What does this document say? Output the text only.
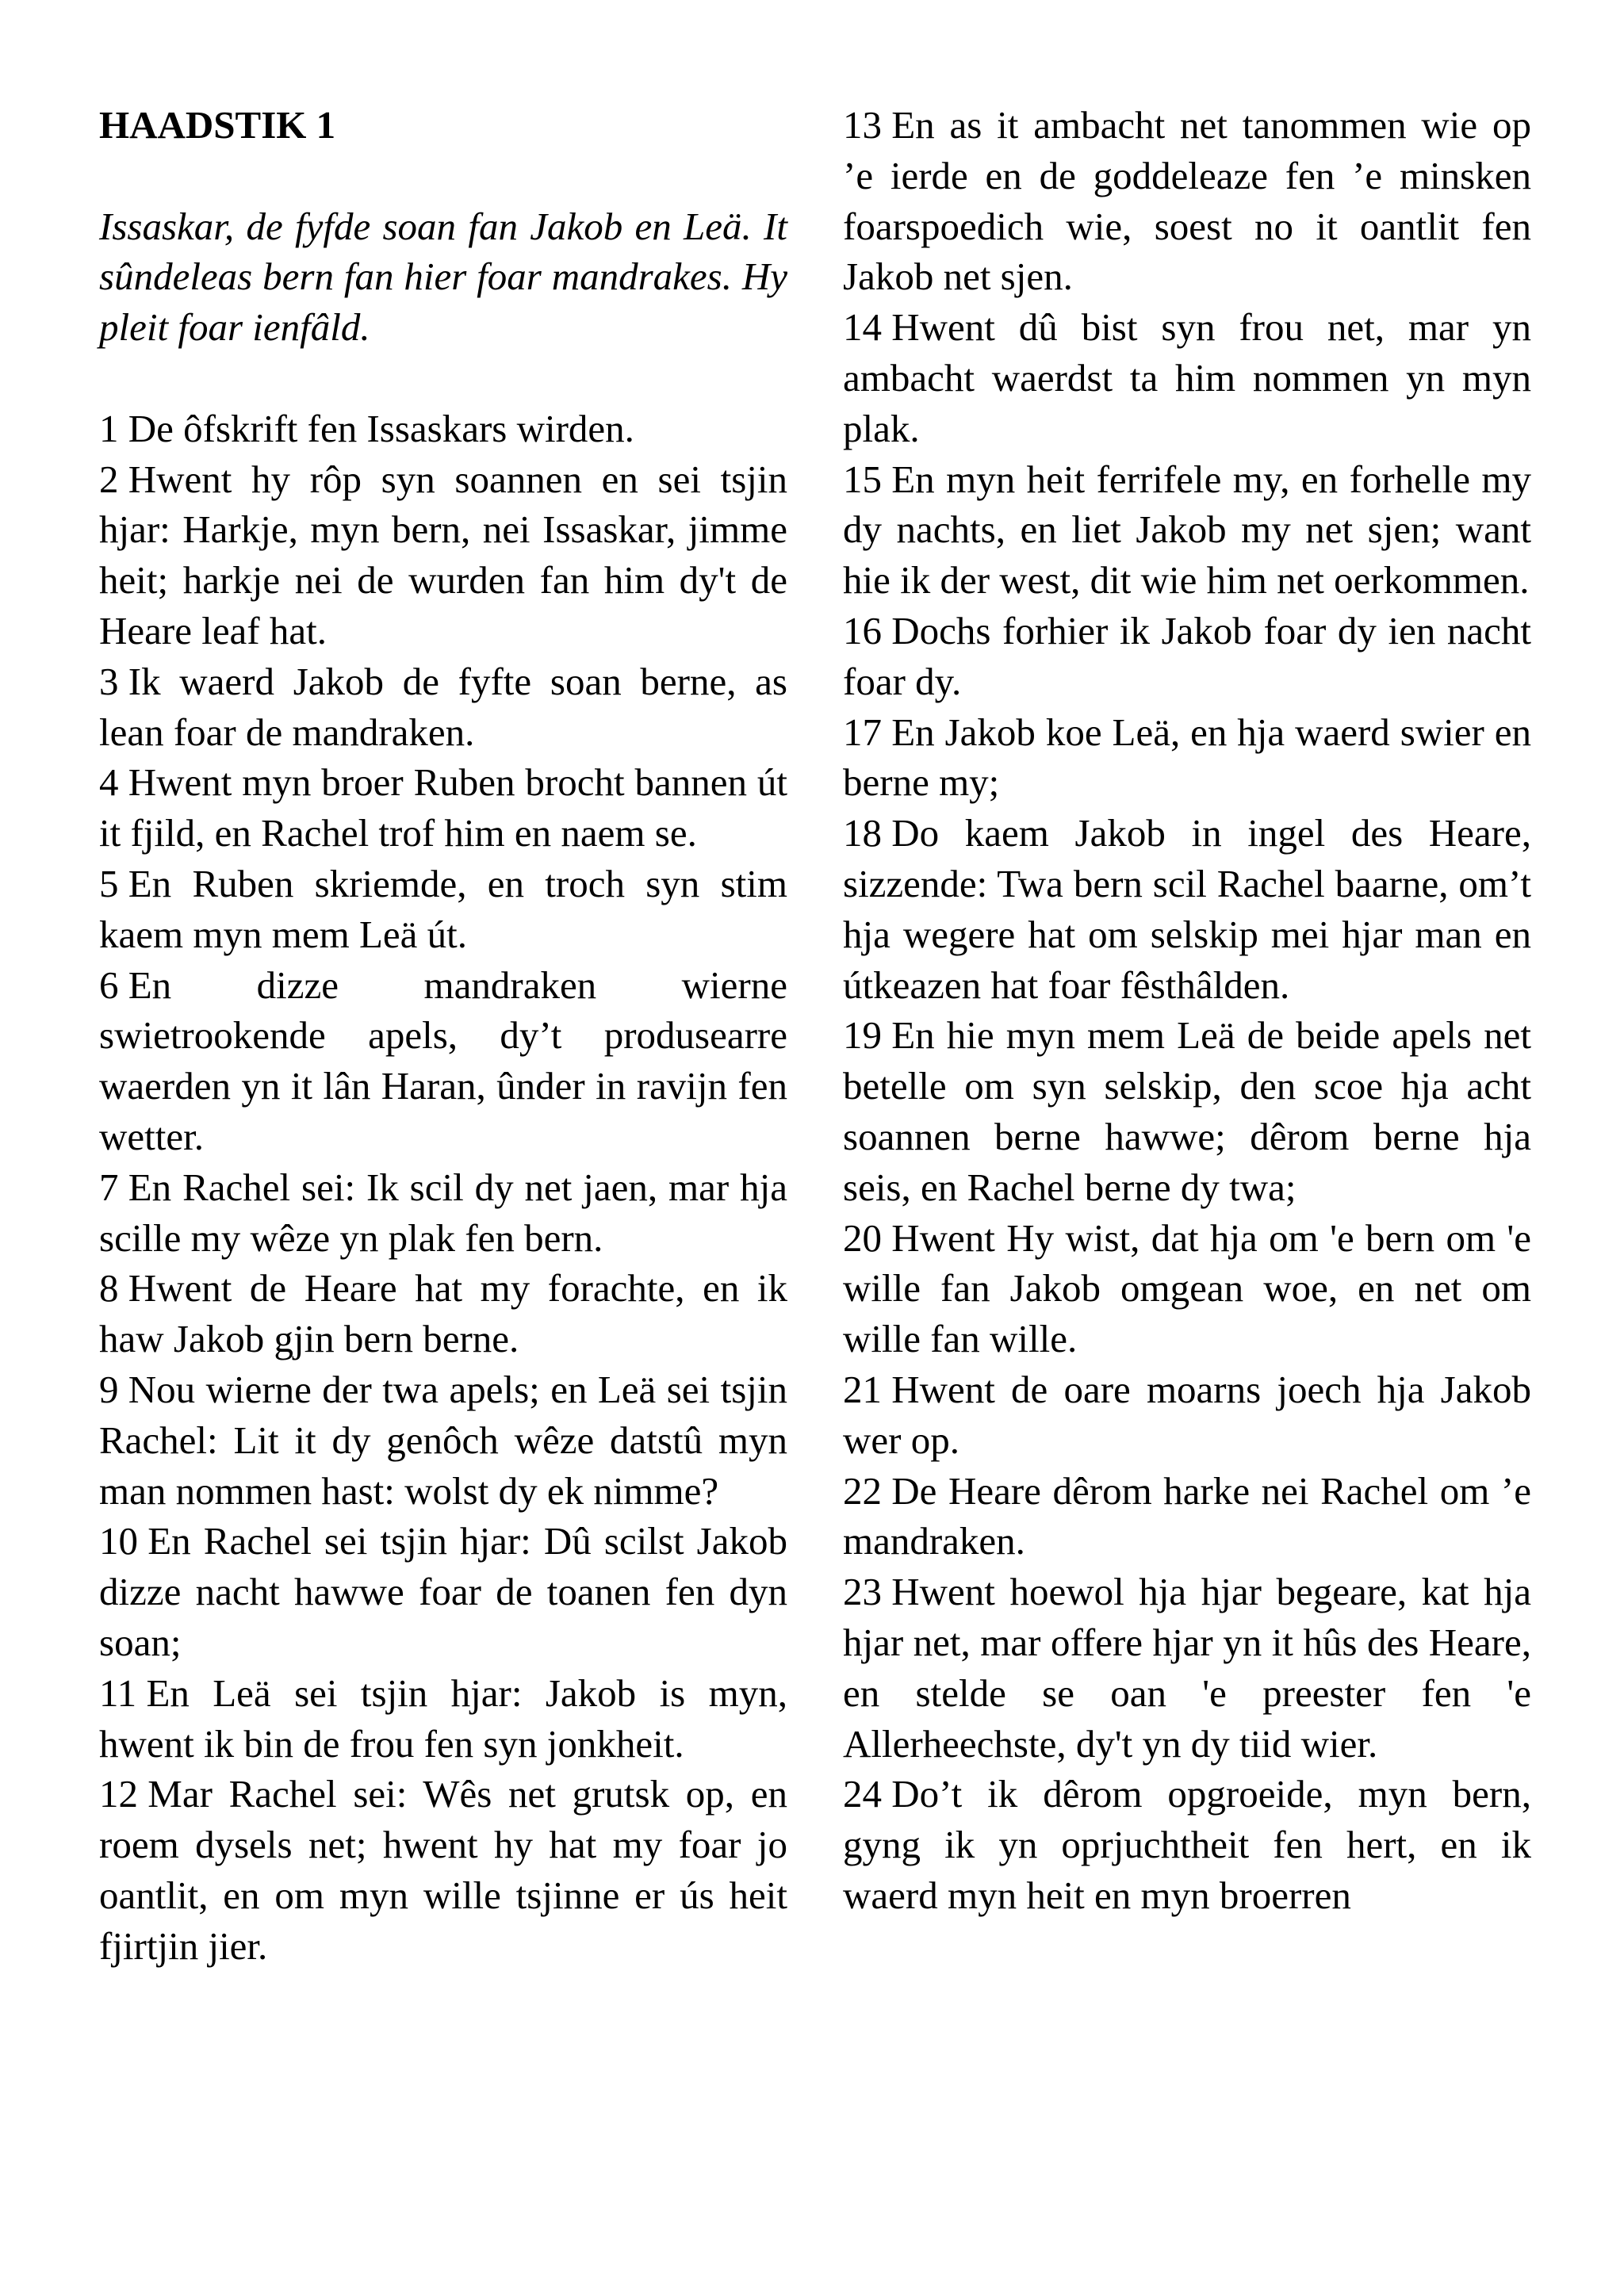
HAADSTIK 1

Issaskar, de fyfde soan fan Jakob en Leä. It sûndeleas bern fan hier foar mandrakes. Hy pleit foar ienfâld.

1 De ôfskrift fen Issaskars wirden.

2 Hwent hy rôp syn soannen en sei tsjin hjar: Harkje, myn bern, nei Issaskar, jimme heit; harkje nei de wurden fan him dy't de Heare leaf hat.

3 Ik waerd Jakob de fyfte soan berne, as lean foar de mandraken.

4 Hwent myn broer Ruben brocht bannen út it fjild, en Rachel trof him en naem se.

5 En Ruben skriemde, en troch syn stim kaem myn mem Leä út.

6 En dizze mandraken wierne swietrookende apels, dy’t produsearre waerden yn it lân Haran, ûnder in ravijn fen wetter.

7 En Rachel sei: Ik scil dy net jaen, mar hja scille my wêze yn plak fen bern.

8 Hwent de Heare hat my forachte, en ik haw Jakob gjin bern berne.

9 Nou wierne der twa apels; en Leä sei tsjin Rachel: Lit it dy genôch wêze datstû myn man nommen hast: wolst dy ek nimme?

10 En Rachel sei tsjin hjar: Dû scilst Jakob dizze nacht hawwe foar de toanen fen dyn soan;

11 En Leä sei tsjin hjar: Jakob is myn, hwent ik bin de frou fen syn jonkheit.

12 Mar Rachel sei: Wês net grutsk op, en roem dysels net; hwent hy hat my foar jo oantlit, en om myn wille tsjinne er ús heit fjirtjin jier.

13 En as it ambacht net tanommen wie op ’e ierde en de goddeleaze fen ’e minsken foarspoedich wie, soest no it oantlit fen Jakob net sjen.

14 Hwent dû bist syn frou net, mar yn ambacht waerdst ta him nommen yn myn plak.

15 En myn heit ferrifele my, en forhelle my dy nachts, en liet Jakob my net sjen; want hie ik der west, dit wie him net oerkommen.

16 Dochs forhier ik Jakob foar dy ien nacht foar dy.

17 En Jakob koe Leä, en hja waerd swier en berne my;

18 Do kaem Jakob in ingel des Heare, sizzende: Twa bern scil Rachel baarne, om’t hja wegere hat om selskip mei hjar man en útkeazen hat foar fêsthâlden.

19 En hie myn mem Leä de beide apels net betelle om syn selskip, den scoe hja acht soannen berne hawwe; dêrom berne hja seis, en Rachel berne dy twa;

20 Hwent Hy wist, dat hja om 'e bern om 'e wille fan Jakob omgean woe, en net om wille fan wille.

21 Hwent de oare moarns joech hja Jakob wer op.

22 De Heare dêrom harke nei Rachel om ’e mandraken.

23 Hwent hoewol hja hjar begeare, kat hja hjar net, mar offere hjar yn it hûs des Heare, en stelde se oan 'e preester fen 'e Allerheechste, dy't yn dy tiid wier.

24 Do’t ik dêrom opgroeide, myn bern, gyng ik yn oprjuchtheit fen hert, en ik waerd myn heit en myn broerren
